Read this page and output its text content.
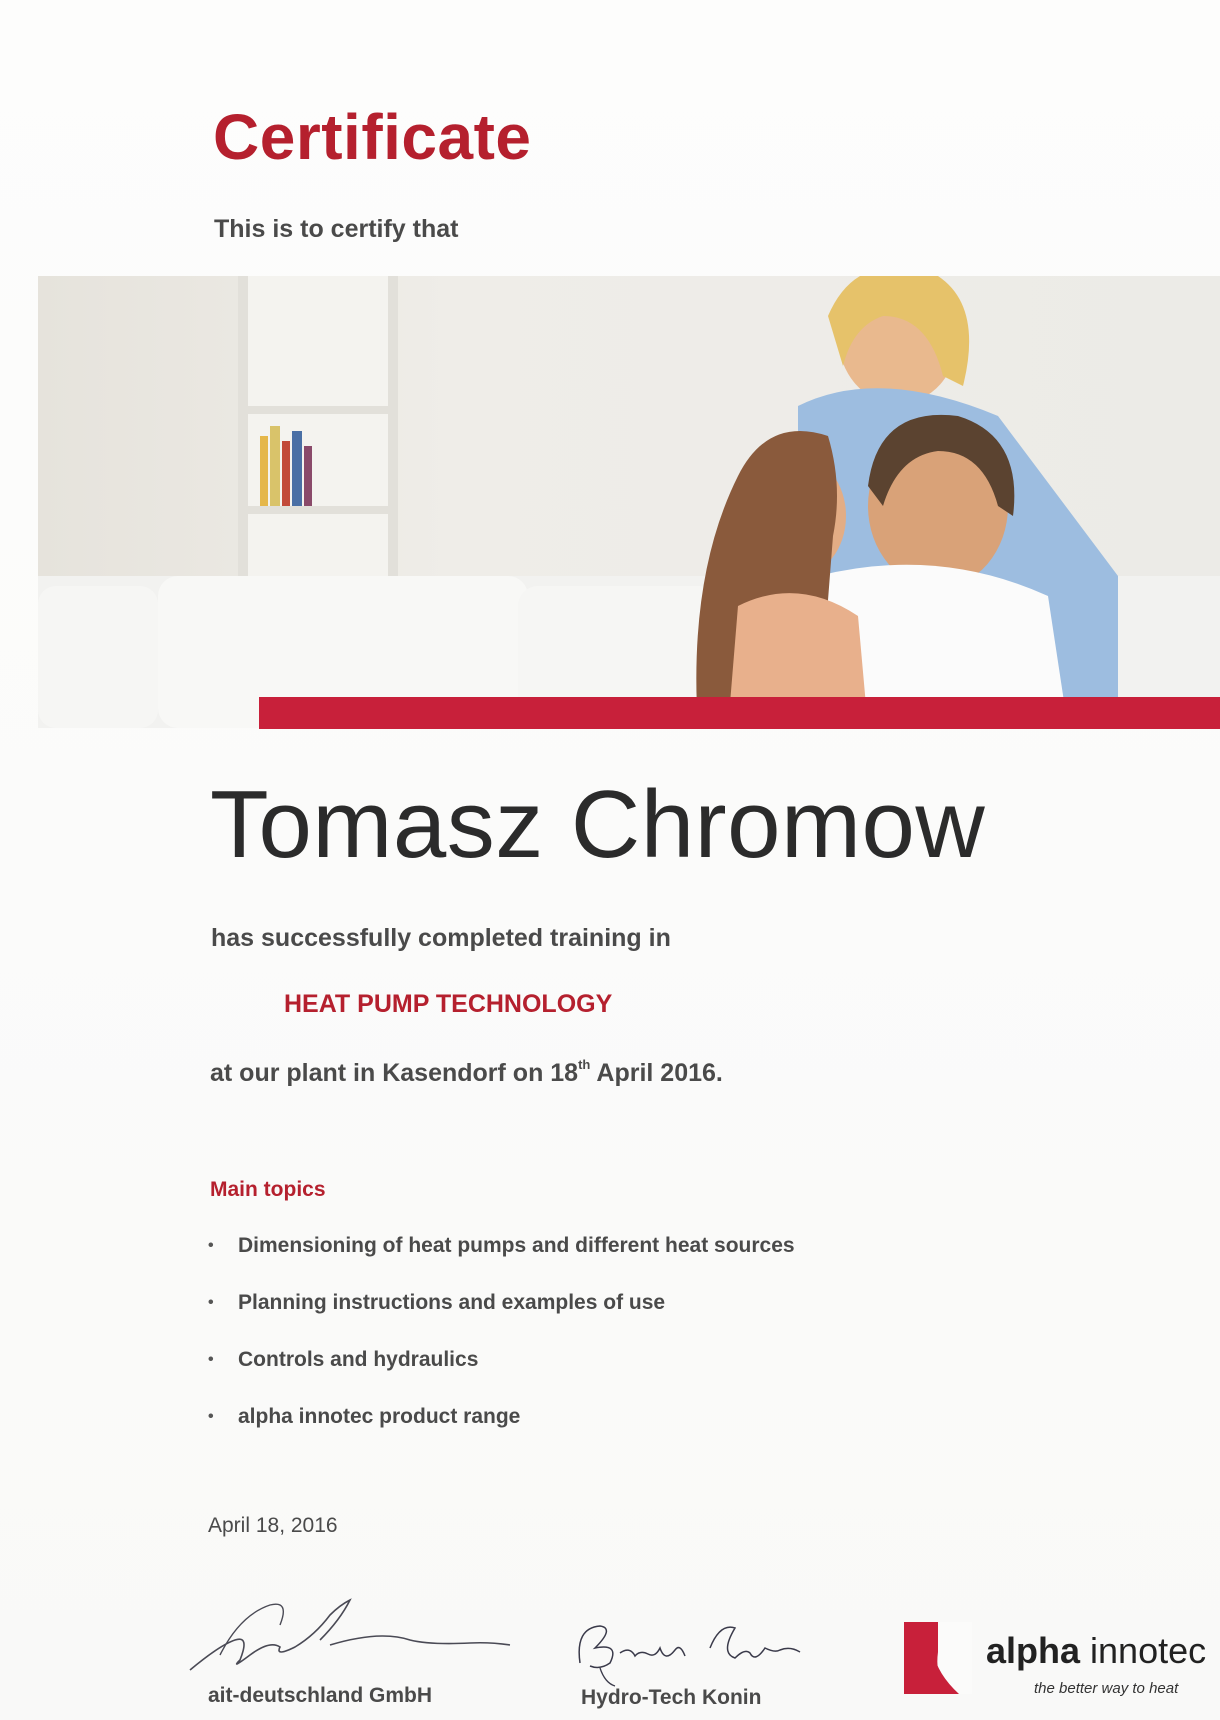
Certificate
This is to certify that
Tomasz Chromow
has successfully completed training in
HEAT PUMP TECHNOLOGY
at our plant in Kasendorf on 18th April 2016.
Main topics
•	Dimensioning of heat pumps and different heat sources
•	Planning instructions and examples of use
•	Controls and hydraulics
•	alpha innotec product range
April 18, 2016
ait-deutschland GmbH	Hydro-Tech Konin
alpha innotec
the better way to heat
